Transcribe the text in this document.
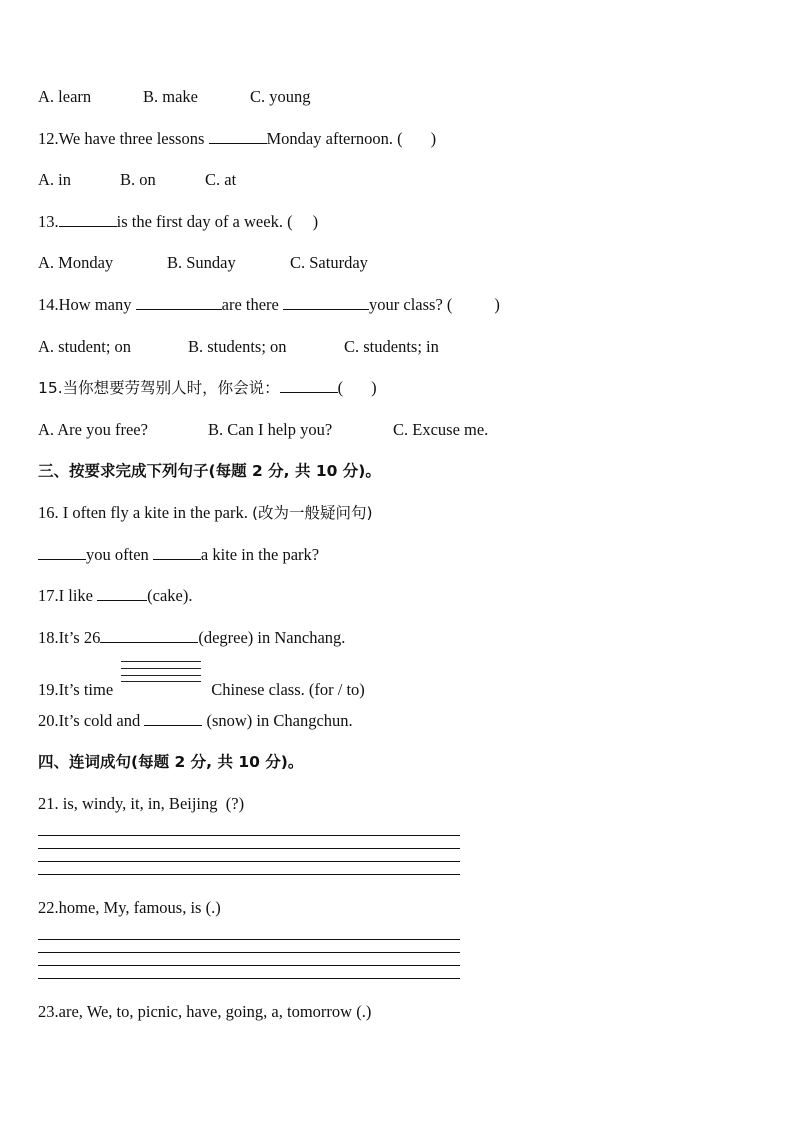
A. learn	B. make	C. young
12.We have three lessons	Monday afternoon. ( )
A. in	B. on	C. at
13.	is the first day of a week. ( )
A. Monday	B. Sunday	C. Saturday
14.How many	are there	your class? (	)
A. student; on	B. students; on	C. students; in
15.当你想要劳驾别人时，你会说：	( )
A. Are you free?	B. Can I help you?	C. Excuse me.
三、按要求完成下列句子(每题 2 分, 共 10 分)。
16. I often fly a kite in the park. (改为一般疑问句)
you often	a kite in the park?
17.I like	(cake).
18.It’s 26	(degree) in Nanchang.
19.It’s time	Chinese class. (for / to)
20.It’s cold and	(snow) in Changchun.
四、连词成句(每题 2 分, 共 10 分)。
21. is, windy, it, in, Beijing  (?)
22.home, My, famous, is (.)
23.are, We, to, picnic, have, going, a, tomorrow (.)
